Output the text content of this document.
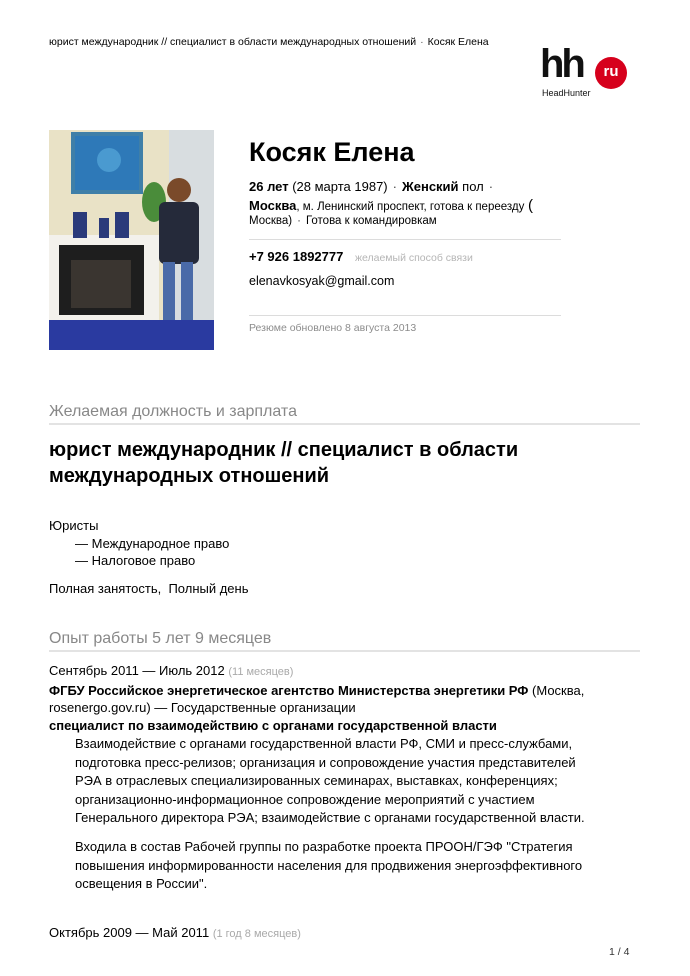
юрист международник // специалист в области международных отношений · Косяк Елена hh	ru
HeadHunter
Косяк Елена
26 лет (28 марта 1987) · Женский пол ·
Москва, м. Ленинский проспект, готова к переезду (
Москва) · Готова к командировкам
+7 926 1892777 желаемый способ связи
elenavkosyak@gmail.com
Резюме обновлено 8 августа 2013
Желаемая должность и зарплата
юрист международник // специалист в области международных отношений
Юристы
— Международное право
— Налоговое право
Полная занятость,  Полный день
Опыт работы 5 лет 9 месяцев
Сентябрь 2011 — Июль 2012 (11 месяцев)
ФГБУ Российское энергетическое агентство Министерства энергетики РФ (Москва,
rosenergo.gov.ru) — Государственные организации
специалист по взаимодействию с органами государственной власти
Взаимодействие с органами государственной власти РФ, СМИ и пресс-службами,
подготовка пресс-релизов; организация и сопровождение участия представителей
РЭА в отраслевых специализированных семинарах, выставках, конференциях;
организационно-информационное сопровождение мероприятий с участием
Генерального директора РЭА; взаимодействие с органами государственной власти.
Входила в состав Рабочей группы по разработке проекта ПРООН/ГЭФ "Стратегия
повышения информированности населения для продвижения энергоэффективного
освещения в России".
Октябрь 2009 — Май 2011 (1 год 8 месяцев)
1 / 4
